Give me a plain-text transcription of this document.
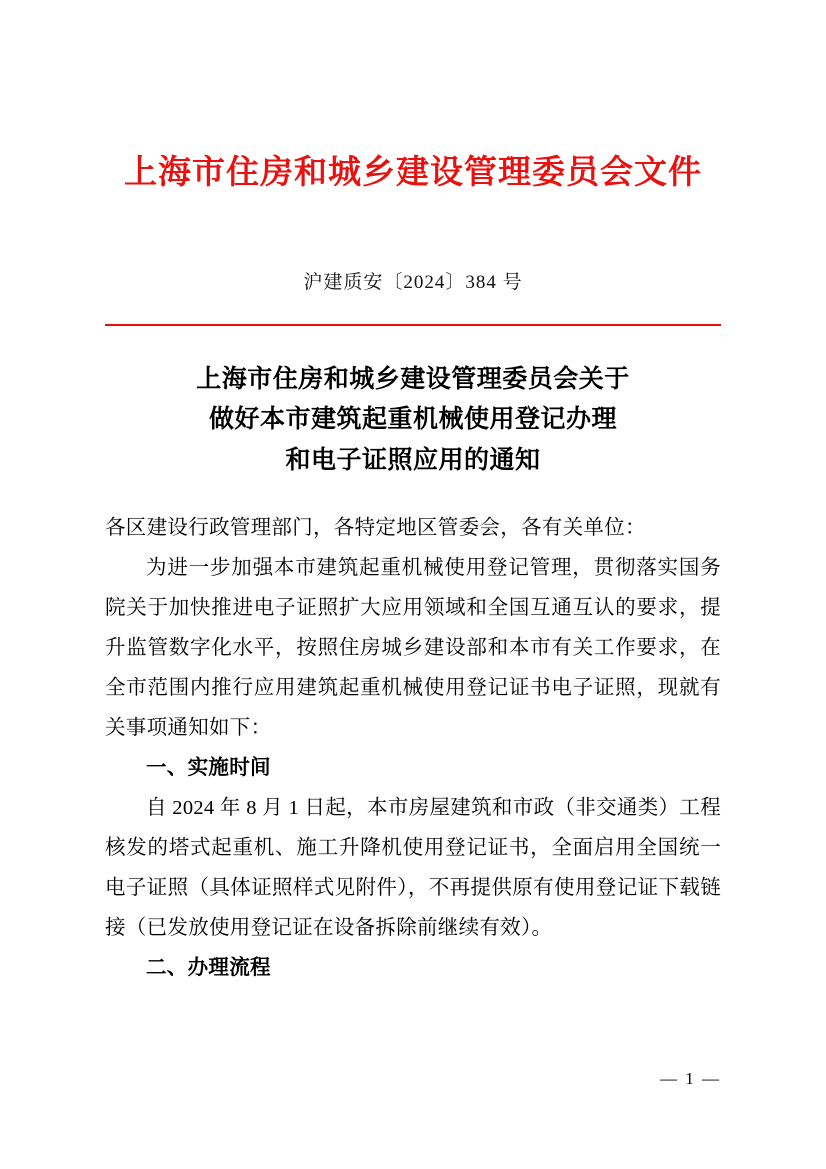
上海市住房和城乡建设管理委员会文件
沪建质安〔2024〕384 号
上海市住房和城乡建设管理委员会关于
做好本市建筑起重机械使用登记办理
和电子证照应用的通知

各区建设行政管理部门，各特定地区管委会，各有关单位：

为进一步加强本市建筑起重机械使用登记管理，贯彻落实国务院关于加快推进电子证照扩大应用领域和全国互通互认的要求，提升监管数字化水平，按照住房城乡建设部和本市有关工作要求，在全市范围内推行应用建筑起重机械使用登记证书电子证照，现就有关事项通知如下：

一、实施时间

自 2024 年 8 月 1 日起，本市房屋建筑和市政（非交通类）工程核发的塔式起重机、施工升降机使用登记证书，全面启用全国统一电子证照（具体证照样式见附件），不再提供原有使用登记证下载链接（已发放使用登记证在设备拆除前继续有效）。

二、办理流程

— 1 —
